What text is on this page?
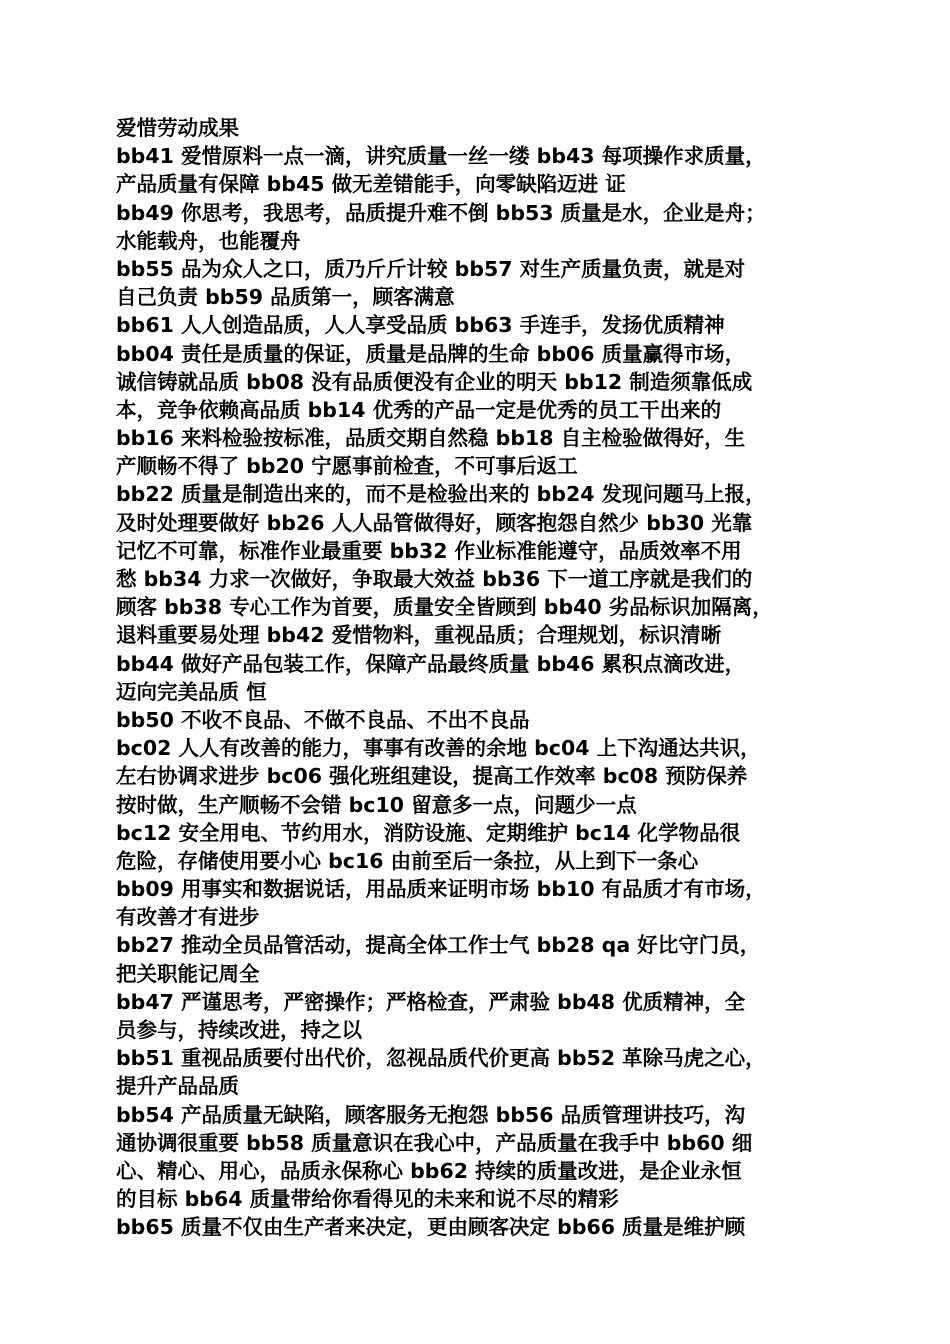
爱惜劳动成果
bb41 爱惜原料一点一滴，讲究质量一丝一缕 bb43 每项操作求质量，
产品质量有保障 bb45 做无差错能手，向零缺陷迈进 证
bb49 你思考，我思考，品质提升难不倒 bb53 质量是水，企业是舟；
水能载舟，也能覆舟
bb55 品为众人之口，质乃斤斤计较 bb57 对生产质量负责，就是对
自己负责 bb59 品质第一，顾客满意
bb61 人人创造品质，人人享受品质 bb63 手连手，发扬优质精神
bb04 责任是质量的保证，质量是品牌的生命 bb06 质量赢得市场，
诚信铸就品质 bb08 没有品质便没有企业的明天 bb12 制造须靠低成
本，竞争依赖高品质 bb14 优秀的产品一定是优秀的员工干出来的
bb16 来料检验按标准，品质交期自然稳 bb18 自主检验做得好，生
产顺畅不得了 bb20 宁愿事前检查，不可事后返工
bb22 质量是制造出来的，而不是检验出来的 bb24 发现问题马上报，
及时处理要做好 bb26 人人品管做得好，顾客抱怨自然少 bb30 光靠
记忆不可靠，标准作业最重要 bb32 作业标准能遵守，品质效率不用
愁 bb34 力求一次做好，争取最大效益 bb36 下一道工序就是我们的
顾客 bb38 专心工作为首要，质量安全皆顾到 bb40 劣品标识加隔离，
退料重要易处理 bb42 爱惜物料，重视品质；合理规划，标识清晰
bb44 做好产品包装工作，保障产品最终质量 bb46 累积点滴改进，
迈向完美品质 恒
bb50 不收不良品、不做不良品、不出不良品
bc02 人人有改善的能力，事事有改善的余地 bc04 上下沟通达共识，
左右协调求进步 bc06 强化班组建设，提高工作效率 bc08 预防保养
按时做，生产顺畅不会错 bc10 留意多一点，问题少一点
bc12 安全用电、节约用水，消防设施、定期维护 bc14 化学物品很
危险，存储使用要小心 bc16 由前至后一条拉，从上到下一条心
bb09 用事实和数据说话，用品质来证明市场 bb10 有品质才有市场，
有改善才有进步
bb27 推动全员品管活动，提高全体工作士气 bb28 qa 好比守门员，
把关职能记周全
bb47 严谨思考，严密操作；严格检查，严肃验 bb48 优质精神，全
员参与，持续改进，持之以
bb51 重视品质要付出代价，忽视品质代价更高 bb52 革除马虎之心，
提升产品品质
bb54 产品质量无缺陷，顾客服务无抱怨 bb56 品质管理讲技巧，沟
通协调很重要 bb58 质量意识在我心中，产品质量在我手中 bb60 细
心、精心、用心，品质永保称心 bb62 持续的质量改进，是企业永恒
的目标 bb64 质量带给你看得见的未来和说不尽的精彩
bb65 质量不仅由生产者来决定，更由顾客决定 bb66 质量是维护顾
